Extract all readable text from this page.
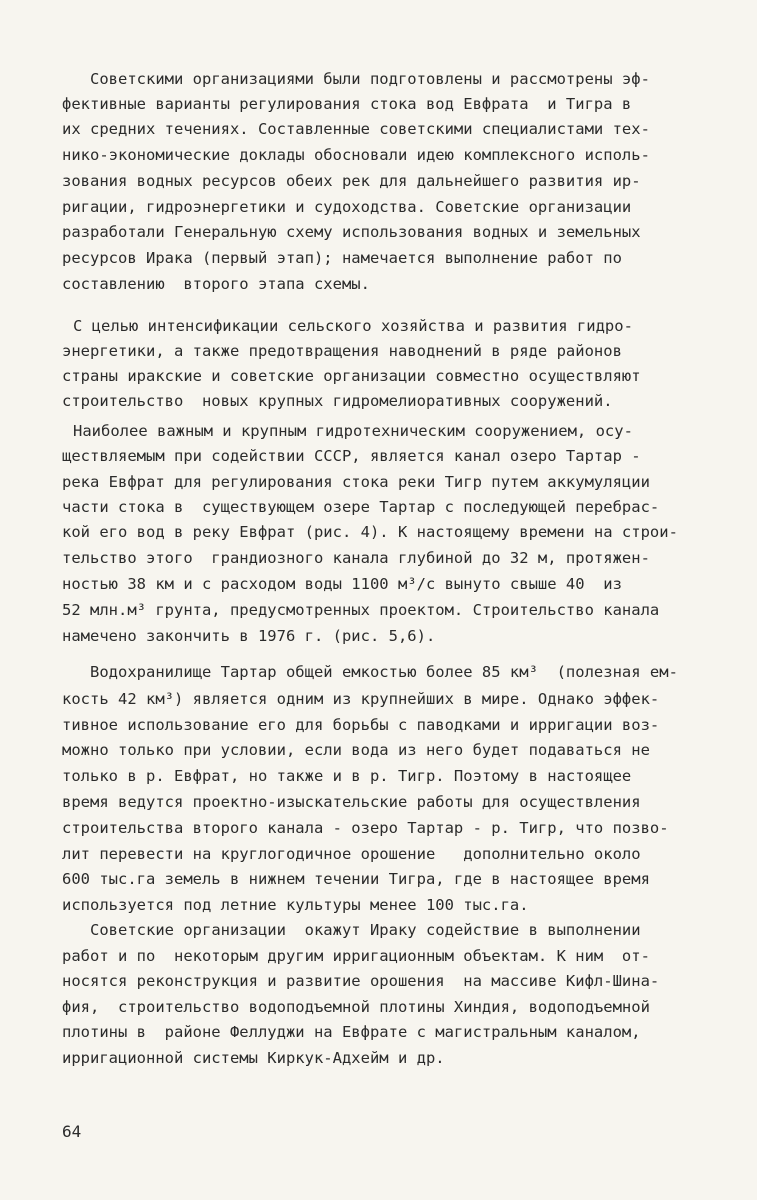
Советскими организациями были подготовлены и рассмотрены эф-
фективные варианты регулирования стока вод Евфрата  и Тигра в
их средних течениях. Составленные советскими специалистами тех-
нико-экономические доклады обосновали идею комплексного исполь-
зования водных ресурсов обеих рек для дальнейшего развития ир-
ригации, гидроэнергетики и судоходства. Советские организации
разработали Генеральную схему использования водных и земельных
ресурсов Ирака (первый этап); намечается выполнение работ по
составлению  второго этапа схемы.
С целью интенсификации сельского хозяйства и развития гидро-
энергетики, а также предотвращения наводнений в ряде районов
страны иракские и советские организации совместно осуществляют
строительство  новых крупных гидромелиоративных сооружений.
Наиболее важным и крупным гидротехническим сооружением, осу-
ществляемым при содействии СССР, является канал озеро Тартар -
река Евфрат для регулирования стока реки Тигр путем аккумуляции
части стока в  существующем озере Тартар с последующей перебрас-
кой его вод в реку Евфрат (рис. 4). К настоящему времени на строи-
тельство этого  грандиозного канала глубиной до 32 м, протяжен-
ностью 38 км и с расходом воды 1100 м³/с вынуто свыше 40  из
52 млн.м³ грунта, предусмотренных проектом. Строительство канала
намечено закончить в 1976 г. (рис. 5,6).
Водохранилище Тартар общей емкостью более 85 км³  (полезная ем-
кость 42 км³) является одним из крупнейших в мире. Однако эффек-
тивное использование его для борьбы с паводками и ирригации воз-
можно только при условии, если вода из него будет подаваться не
только в р. Евфрат, но также и в р. Тигр. Поэтому в настоящее
время ведутся проектно-изыскательские работы для осуществления
строительства второго канала - озеро Тартар - р. Тигр, что позво-
лит перевести на круглогодичное орошение   дополнительно около
600 тыс.га земель в нижнем течении Тигра, где в настоящее время
используется под летние культуры менее 100 тыс.га.
Советские организации  окажут Ираку содействие в выполнении
работ и по  некоторым другим ирригационным объектам. К ним  от-
носятся реконструкция и развитие орошения  на массиве Кифл-Шина-
фия,  строительство водоподъемной плотины Хиндия, водоподъемной
плотины в  районе Феллуджи на Евфрате с магистральным каналом,
ирригационной системы Киркук-Адхейм и др.
64
